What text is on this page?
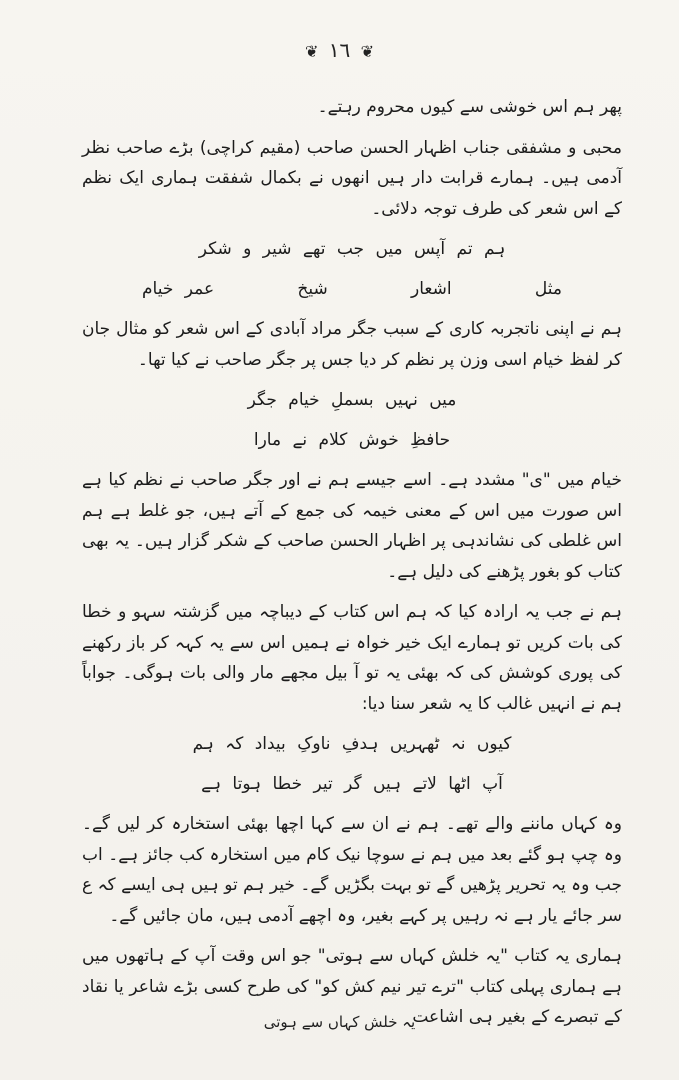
❦ ۱٦ ❦

پھر ہم اس خوشی سے کیوں محروم رہتے۔

محبی و مشفقی جناب اظہار الحسن صاحب (مقیم کراچی) بڑے صاحب نظر آدمی ہیں۔ ہمارے قرابت دار ہیں انھوں نے بکمال شفقت ہماری ایک نظم کے اس شعر کی طرف توجہ دلائی۔

ہم تم آپس میں جب تھے شیر و شکر
مثل
اشعار
شیخ
عمر خیام

ہم نے اپنی ناتجربہ کاری کے سبب جگر مراد آبادی کے اس شعر کو مثال جان کر لفظ خیام اسی وزن پر نظم کر دیا جس پر جگر صاحب نے کیا تھا۔

میں نہیں بسملِ خیام جگر
حافظِ خوش کلام نے مارا

خیام میں "ی" مشدد ہے۔ اسے جیسے ہم نے اور جگر صاحب نے نظم کیا ہے اس صورت میں اس کے معنی خیمہ کی جمع کے آتے ہیں، جو غلط ہے ہم اس غلطی کی نشاندہی پر اظہار الحسن صاحب کے شکر گزار ہیں۔ یہ بھی کتاب کو بغور پڑھنے کی دلیل ہے۔

ہم نے جب یہ ارادہ کیا کہ ہم اس کتاب کے دیباچہ میں گزشتہ سہو و خطا کی بات کریں تو ہمارے ایک خیر خواہ نے ہمیں اس سے یہ کہہ کر باز رکھنے کی پوری کوشش کی کہ بھئی یہ تو آ بیل مجھے مار والی بات ہوگی۔ جواباً ہم نے انہیں غالب کا یہ شعر سنا دیا:

کیوں نہ ٹھہریں ہدفِ ناوکِ بیداد کہ ہم
آپ اٹھا لاتے ہیں گر تیر خطا ہوتا ہے

وہ کہاں ماننے والے تھے۔ ہم نے ان سے کہا اچھا بھئی استخارہ کر لیں گے۔ وہ چپ ہو گئے بعد میں ہم نے سوچا نیک کام میں استخارہ کب جائز ہے۔ اب جب وہ یہ تحریر پڑھیں گے تو بہت بگڑیں گے۔ خیر ہم تو ہیں ہی ایسے کہ ع سر جائے یار ہے نہ رہیں پر کہے بغیر، وہ اچھے آدمی ہیں، مان جائیں گے۔

ہماری یہ کتاب "یہ خلش کہاں سے ہوتی" جو اس وقت آپ کے ہاتھوں میں ہے ہماری پہلی کتاب "ترے تیر نیم کش کو" کی طرح کسی بڑے شاعر یا نقاد کے تبصرے کے بغیر ہی اشاعت

یہ خلش کہاں سے ہوتی
